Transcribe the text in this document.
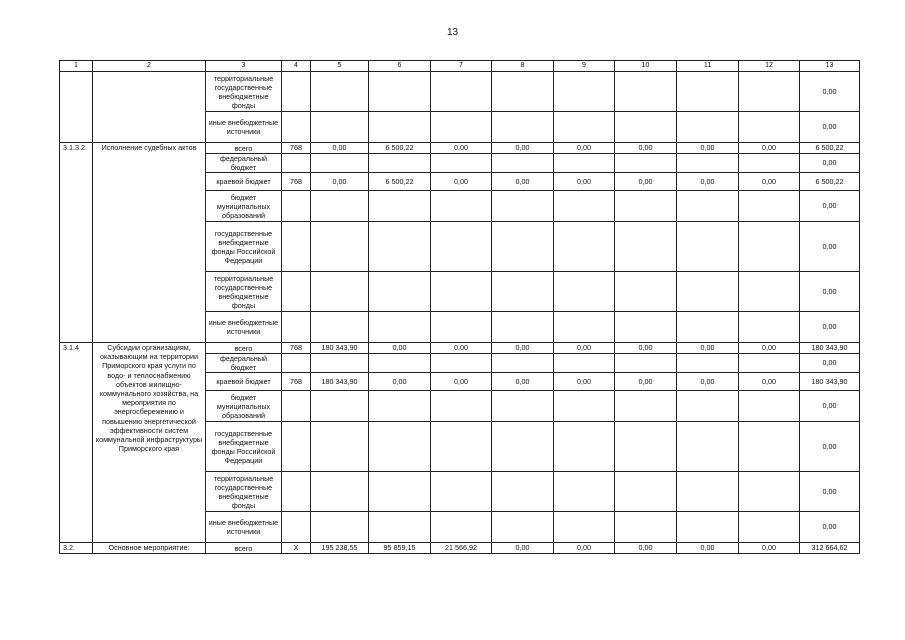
13
1	2	3	4	5	6	7	8	9	10	11	12	13
		территориальные государственные внебюджетные фонды										0,00
		иные внебюджетные источники										0,00
3.1.3.2.	Исполнение судебных актов	всего	768	0,00	6 500,22	0,00	0,00	0,00	0,00	0,00	0,00	6 500,22
		федеральный бюджет										0,00
		краевой бюджет	768	0,00	6 500,22	0,00	0,00	0,00	0,00	0,00	0,00	6 500,22
		бюджет муниципальных образований										0,00
		государственные внебюджетные фонды Российской Федерации										0,00
		территориальные государственные внебюджетные фонды										0,00
		иные внебюджетные источники										0,00
3.1.4	Субсидии организациям, оказывающим на территории Приморского края услуги по водо- и теплоснабжению объектов жилищно-коммунального хозяйства, на мероприятия по энергосбережению и повышению энергетической эффективности систем коммунальной инфраструктуры Приморского края	всего	768	180 343,90	0,00	0,00	0,00	0,00	0,00	0,00	0,00	180 343,90
		федеральный бюджет										0,00
		краевой бюджет	768	180 343,90	0,00	0,00	0,00	0,00	0,00	0,00	0,00	180 343,90
		бюджет муниципальных образований										0,00
		государственные внебюджетные фонды Российской Федерации										0,00
		территориальные государственные внебюджетные фонды										0,00
		иные внебюджетные источники										0,00
3.2.	Основное мероприятие:	всего	X	195 238,55	95 859,15	21 566,92	0,00	0,00	0,00	0,00	0,00	312 664,62
